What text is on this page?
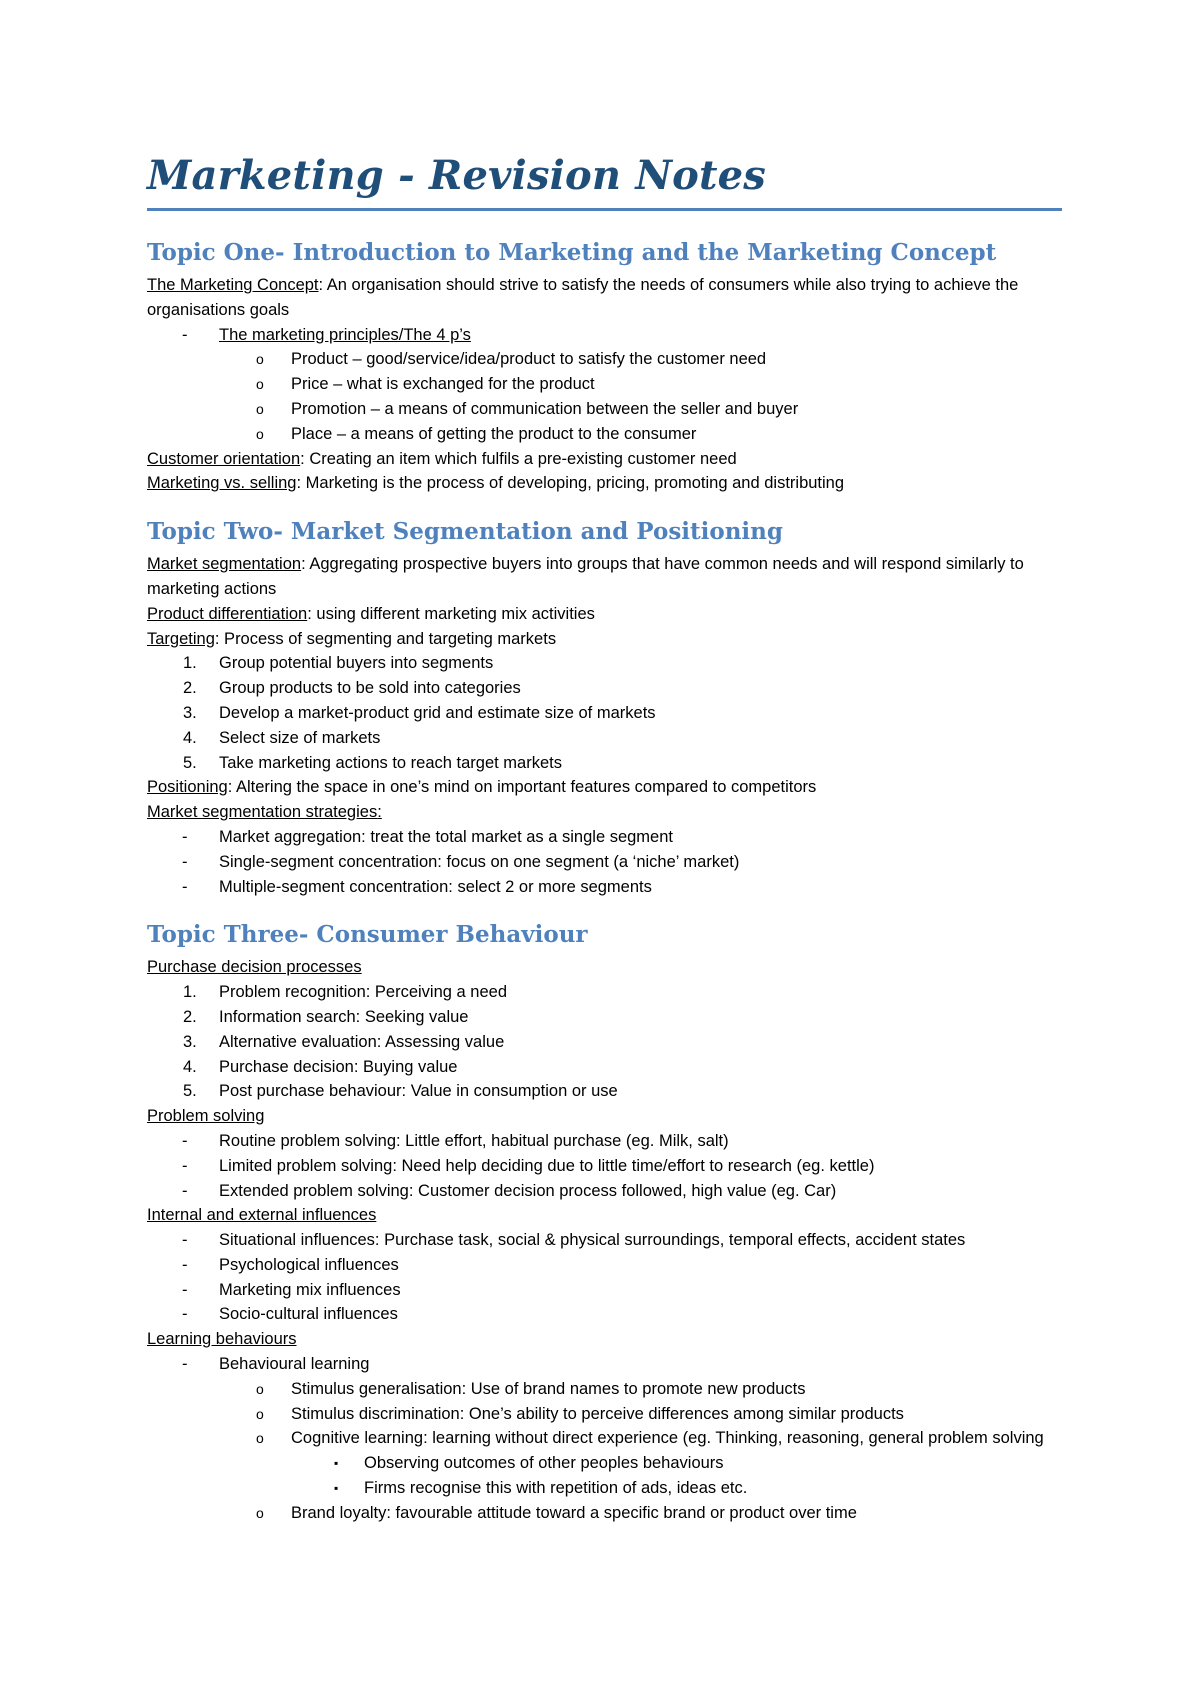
Marketing - Revision Notes
Topic One- Introduction to Marketing and the Marketing Concept
The Marketing Concept: An organisation should strive to satisfy the needs of consumers while also trying to achieve the organisations goals
- The marketing principles/The 4 p’s
o Product – good/service/idea/product to satisfy the customer need
o Price – what is exchanged for the product
o Promotion – a means of communication between the seller and buyer
o Place – a means of getting the product to the consumer
Customer orientation: Creating an item which fulfils a pre-existing customer need
Marketing vs. selling: Marketing is the process of developing, pricing, promoting and distributing
Topic Two- Market Segmentation and Positioning
Market segmentation: Aggregating prospective buyers into groups that have common needs and will respond similarly to marketing actions
Product differentiation: using different marketing mix activities
Targeting: Process of segmenting and targeting markets
1. Group potential buyers into segments
2. Group products to be sold into categories
3. Develop a market-product grid and estimate size of markets
4. Select size of markets
5. Take marketing actions to reach target markets
Positioning: Altering the space in one’s mind on important features compared to competitors
Market segmentation strategies:
- Market aggregation: treat the total market as a single segment
- Single-segment concentration: focus on one segment (a ‘niche’ market)
- Multiple-segment concentration: select 2 or more segments
Topic Three- Consumer Behaviour
Purchase decision processes
1. Problem recognition: Perceiving a need
2. Information search: Seeking value
3. Alternative evaluation: Assessing value
4. Purchase decision: Buying value
5. Post purchase behaviour: Value in consumption or use
Problem solving
- Routine problem solving: Little effort, habitual purchase (eg. Milk, salt)
- Limited problem solving: Need help deciding due to little time/effort to research (eg. kettle)
- Extended problem solving: Customer decision process followed, high value (eg. Car)
Internal and external influences
- Situational influences: Purchase task, social & physical surroundings, temporal effects, accident states
- Psychological influences
- Marketing mix influences
- Socio-cultural influences
Learning behaviours
- Behavioural learning
o Stimulus generalisation: Use of brand names to promote new products
o Stimulus discrimination: One’s ability to perceive differences among similar products
o Cognitive learning: learning without direct experience (eg. Thinking, reasoning, general problem solving
▪ Observing outcomes of other peoples behaviours
▪ Firms recognise this with repetition of ads, ideas etc.
o Brand loyalty: favourable attitude toward a specific brand or product over time
